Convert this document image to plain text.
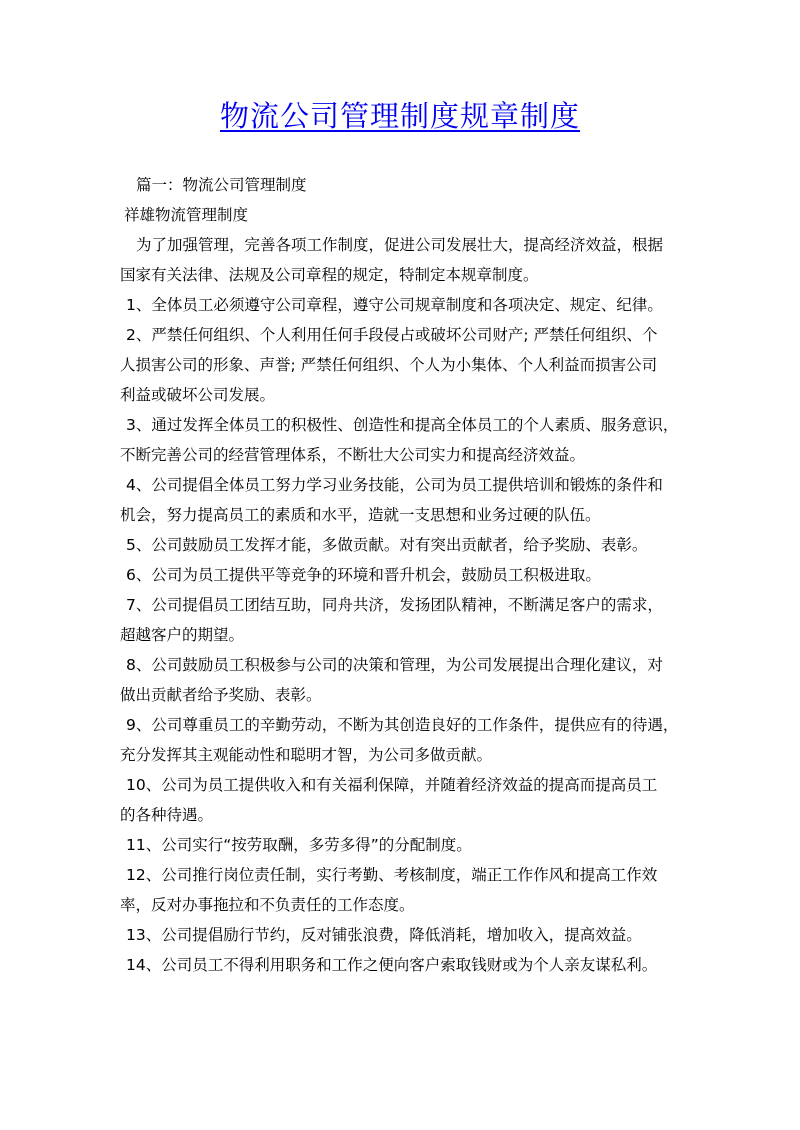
物流公司管理制度规章制度
篇一：物流公司管理制度
祥雄物流管理制度
为了加强管理，完善各项工作制度，促进公司发展壮大，提高经济效益，根据
国家有关法律、法规及公司章程的规定，特制定本规章制度。
1、全体员工必须遵守公司章程，遵守公司规章制度和各项决定、规定、纪律。
2、严禁任何组织、个人利用任何手段侵占或破坏公司财产; 严禁任何组织、个
人损害公司的形象、声誉; 严禁任何组织、个人为小集体、个人利益而损害公司
利益或破坏公司发展。
3、通过发挥全体员工的积极性、创造性和提高全体员工的个人素质、服务意识，
不断完善公司的经营管理体系，不断壮大公司实力和提高经济效益。
4、公司提倡全体员工努力学习业务技能，公司为员工提供培训和锻炼的条件和
机会，努力提高员工的素质和水平，造就一支思想和业务过硬的队伍。
5、公司鼓励员工发挥才能，多做贡献。对有突出贡献者，给予奖励、表彰。
6、公司为员工提供平等竞争的环境和晋升机会，鼓励员工积极进取。
7、公司提倡员工团结互助，同舟共济，发扬团队精神，不断满足客户的需求，
超越客户的期望。
8、公司鼓励员工积极参与公司的决策和管理，为公司发展提出合理化建议，对
做出贡献者给予奖励、表彰。
9、公司尊重员工的辛勤劳动，不断为其创造良好的工作条件，提供应有的待遇，
充分发挥其主观能动性和聪明才智，为公司多做贡献。
10、公司为员工提供收入和有关福利保障，并随着经济效益的提高而提高员工
的各种待遇。
11、公司实行“按劳取酬，多劳多得”的分配制度。
12、公司推行岗位责任制，实行考勤、考核制度，端正工作作风和提高工作效
率，反对办事拖拉和不负责任的工作态度。
13、公司提倡励行节约，反对铺张浪费，降低消耗，增加收入，提高效益。
14、公司员工不得利用职务和工作之便向客户索取钱财或为个人亲友谋私利。
